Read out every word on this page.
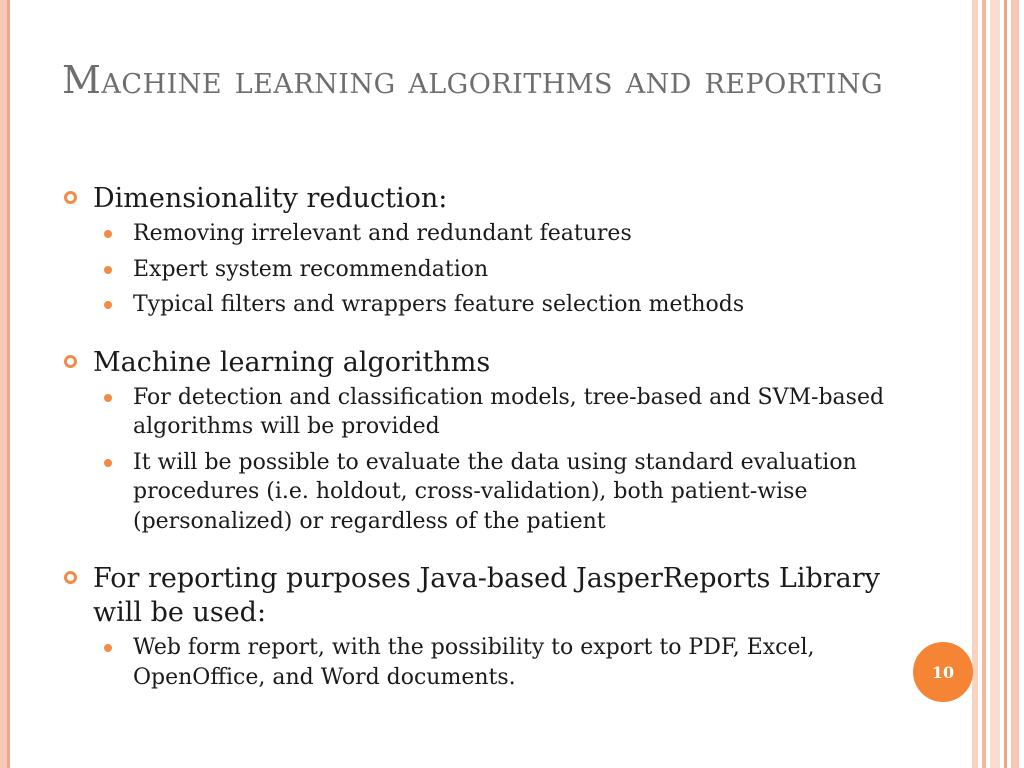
Machine learning algorithms and reporting
Dimensionality reduction:
Removing irrelevant and redundant features
Expert system recommendation
Typical filters and wrappers feature selection methods
Machine learning algorithms
For detection and classification models, tree-based and SVM-based algorithms will be provided
It will be possible to evaluate the data using standard evaluation procedures (i.e. holdout, cross-validation), both patient-wise (personalized) or regardless of the patient
For reporting purposes Java-based JasperReports Library will be used:
Web form report, with the possibility to export to PDF, Excel, OpenOffice, and Word documents.	10
